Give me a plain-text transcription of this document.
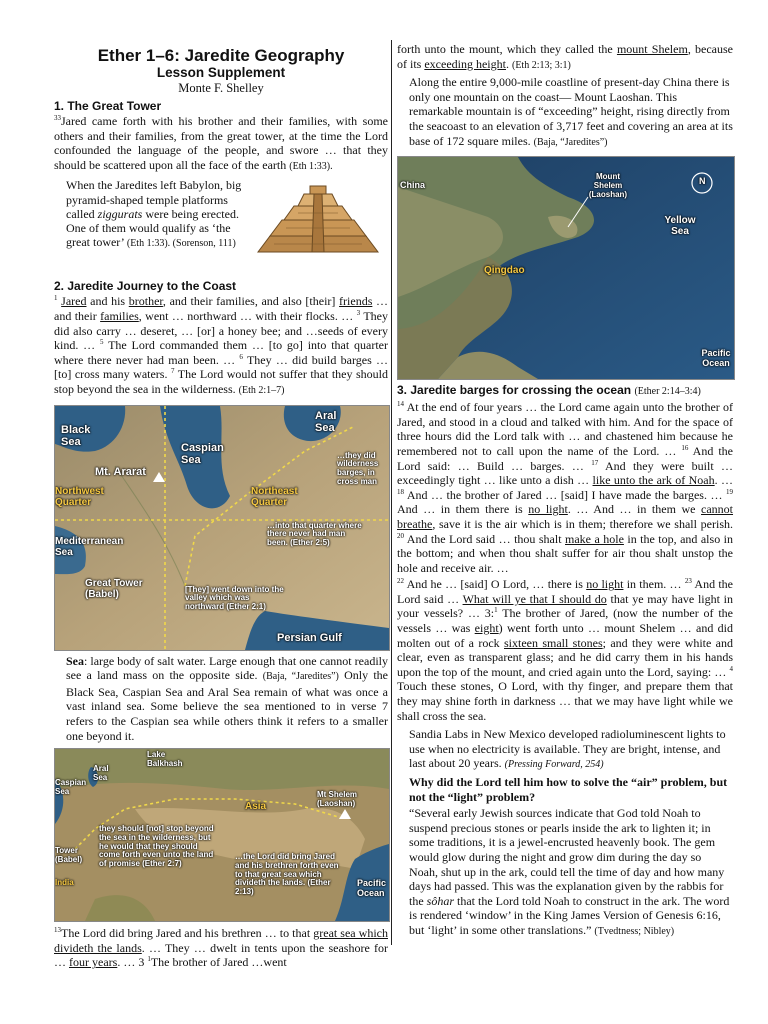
Ether 1–6: Jaredite Geography
Lesson Supplement
Monte F. Shelley
1. The Great Tower

$^{33}$Jared came forth with his brother and their families, with some others and their families, from the great tower, at the time the Lord confounded the language of the people, and swore … that they should be scattered upon all the face of the earth (Eth 1:33).

When the Jaredites left Babylon, big pyramid-shaped temple platforms called ziggurats were being erected. One of them would qualify as ‘the great tower’ (Eth 1:33). (Sorenson, 111)

2. Jaredite Journey to the Coast

$^1$ Jared and his brother, and their families, and also [their] friends … and their families, went … northward … with their flocks. … $^3$ They did also carry … deseret, … [or] a honey bee; and …seeds of every kind. … $^5$ The Lord commanded them … [to go] into that quarter where there never had man been. … $^6$ They … did build barges … [to] cross many waters. $^7$ The Lord would not suffer that they should stop beyond the sea in the wilderness. (Eth 2:1–7)

Black Sea	Caspian Sea
Aral Sea
Mt. Ararat
Northwest Quarter
Northeast Quarter
Mediterranean Sea
Great Tower (Babel)
Persian Gulf
…they did wilderness barges, in cross man
…into that quarter where there never had man been. (Ether 2:5)
[They] went down into the valley which was northward (Ether 2:1)

Sea: large body of salt water. Large enough that one cannot readily see a land mass on the opposite side. (Baja, “Jaredites”) Only the Black Sea, Caspian Sea and Aral Sea remain of what was once a vast inland sea. Some believe the sea mentioned to in verse 7 refers to the Caspian sea while others think it refers to a smaller one beyond it.

Lake Balkhash
Aral Sea
Caspian Sea
Tower (Babel)
India
Asia
Mt Shelem (Laoshan)
Pacific Ocean
they should [not] stop beyond the sea in the wilderness, but he would that they should come forth even unto the land of promise (Ether 2:7)
…the Lord did bring Jared and his brethren forth even to that great sea which divideth the lands. (Ether 2:13)

$^{13}$The Lord did bring Jared and his brethren … to that great sea which divideth the lands. … They … dwelt in tents upon the seashore for … four years. … 3 $^1$The brother of Jared …went

forth unto the mount, which they called the mount Shelem, because of its exceeding height. (Eth 2:13; 3:1)

Along the entire 9,000-mile coastline of present-day China there is only one mountain on the coast— Mount Laoshan. This remarkable mountain is of “exceeding” height, rising directly from the seacoast to an elevation of 3,717 feet and covering an area at its base of 172 square miles. (Baja, “Jaredites”)

China
Mount Shelem (Laoshan)
Yellow Sea
Qingdao
Pacific Ocean
N
3. Jaredite barges for crossing the ocean (Ether 2:14–3:4)

$^{14}$ At the end of four years … the Lord came again unto the brother of Jared, and stood in a cloud and talked with him. And for the space of three hours did the Lord talk with … and chastened him because he remembered not to call upon the name of the Lord. … $^{16}$ And the Lord said: … Build … barges. … $^{17}$ And they were built … exceedingly tight … like unto a dish … like unto the ark of Noah. … $^{18}$ And … the brother of Jared … [said] I have made the barges. … $^{19}$ And … in them there is no light. … And … in them we cannot breathe, save it is the air which is in them; therefore we shall perish. $^{20}$ And the Lord said … thou shalt make a hole in the top, and also in the bottom; and when thou shalt suffer for air thou shalt unstop the hole and receive air. …

$^{22}$ And he … [said] O Lord, … there is no light in them. … $^{23}$ And the Lord said … What will ye that I should do that ye may have light in your vessels? … 3:$^1$ The brother of Jared, (now the number of the vessels … was eight) went forth unto … mount Shelem … and did molten out of a rock sixteen small stones; and they were white and clear, even as transparent glass; and he did carry them in his hands upon the top of the mount, and cried again unto the Lord, saying: … $^4$ Touch these stones, O Lord, with thy finger, and prepare them that they may shine forth in darkness … that we may have light while we shall cross the sea.

Sandia Labs in New Mexico developed radioluminescent lights to use when no electricity is available. They are bright, intense, and last about 20 years. (Pressing Forward, 254)

Why did the Lord tell him how to solve the “air” problem, but not the “light” problem?

“Several early Jewish sources indicate that God told Noah to suspend precious stones or pearls inside the ark to lighten it; in some traditions, it is a jewel-encrusted heavenly book. The gem would glow during the night and grow dim during the day so Noah, shut up in the ark, could tell the time of day and how many days had passed. This was the explanation given by the rabbis for the sôhar that the Lord told Noah to construct in the ark. The word is rendered ‘window’ in the King James Version of Genesis 6:16, but ‘light’ in some other translations.” (Tvedtness; Nibley)
